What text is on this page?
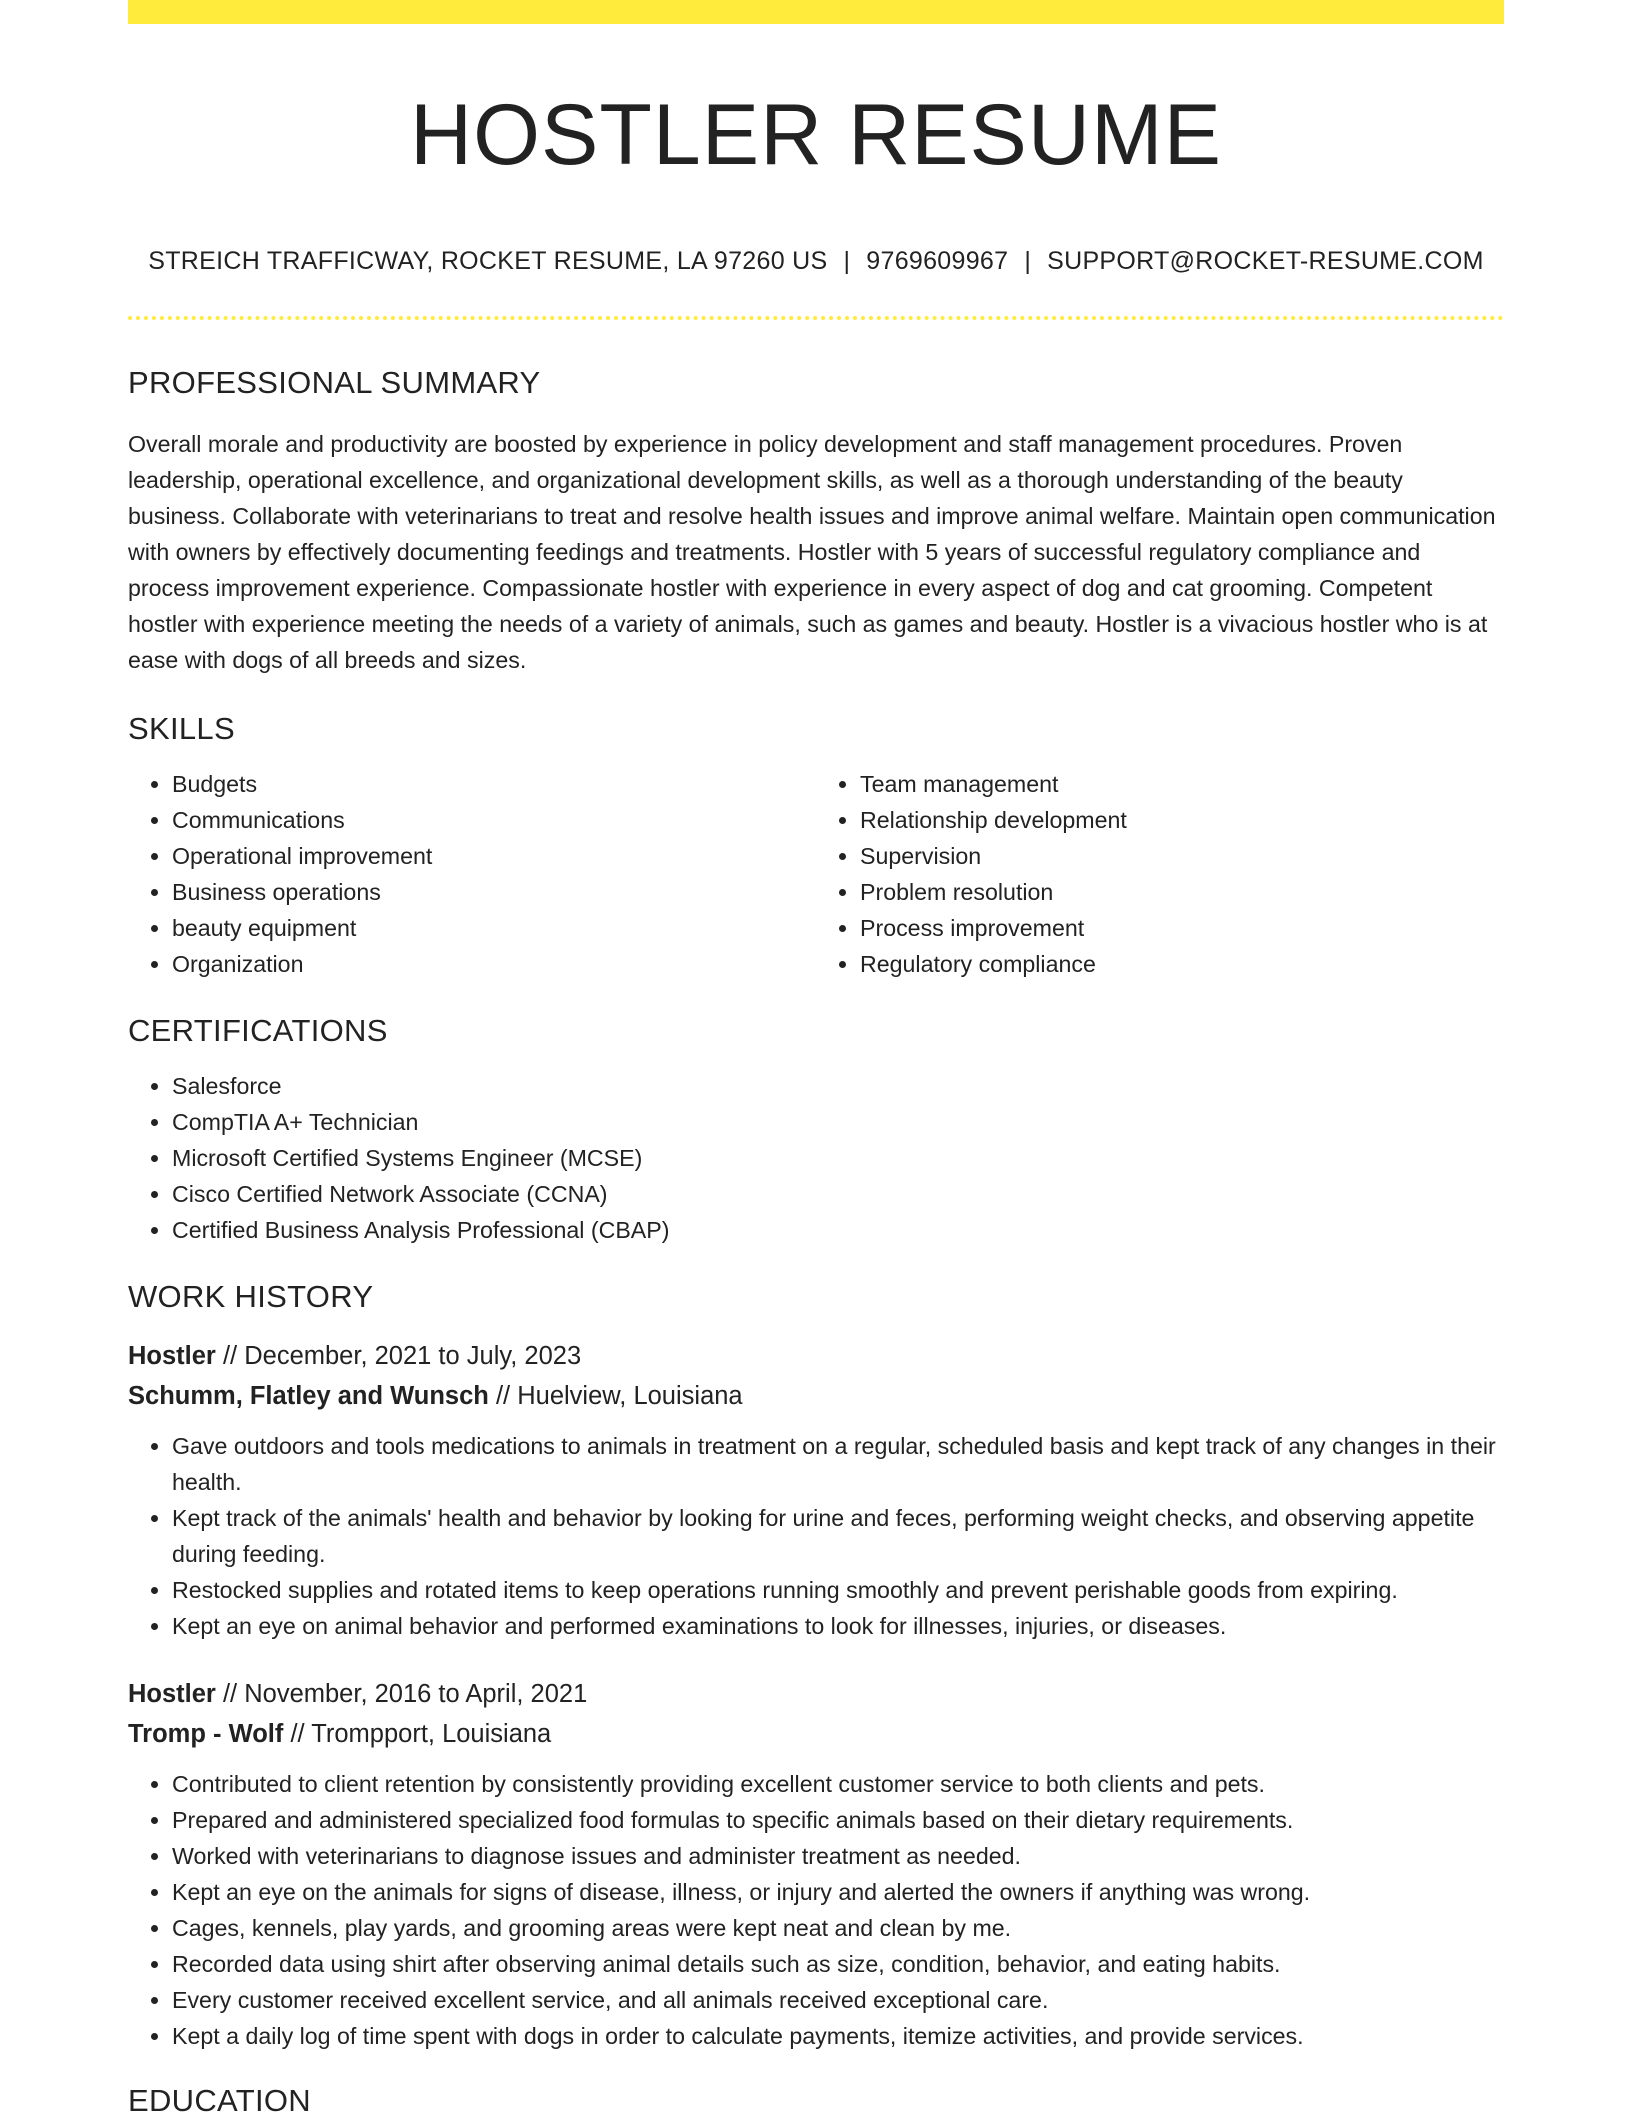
HOSTLER RESUME
STREICH TRAFFICWAY, ROCKET RESUME, LA 97260 US | 9769609967 | SUPPORT@ROCKET-RESUME.COM
PROFESSIONAL SUMMARY

Overall morale and productivity are boosted by experience in policy development and staff management procedures. Proven leadership, operational excellence, and organizational development skills, as well as a thorough understanding of the beauty business. Collaborate with veterinarians to treat and resolve health issues and improve animal welfare. Maintain open communication with owners by effectively documenting feedings and treatments. Hostler with 5 years of successful regulatory compliance and process improvement experience. Compassionate hostler with experience in every aspect of dog and cat grooming. Competent hostler with experience meeting the needs of a variety of animals, such as games and beauty. Hostler is a vivacious hostler who is at ease with dogs of all breeds and sizes.

SKILLS
• Budgets
• Communications
• Operational improvement
• Business operations
• beauty equipment
• Organization
• Team management
• Relationship development
• Supervision
• Problem resolution
• Process improvement
• Regulatory compliance
CERTIFICATIONS
• Salesforce
• CompTIA A+ Technician
• Microsoft Certified Systems Engineer (MCSE)
• Cisco Certified Network Associate (CCNA)
• Certified Business Analysis Professional (CBAP)
WORK HISTORY
Hostler // December, 2021 to July, 2023
Schumm, Flatley and Wunsch // Huelview, Louisiana
• Gave outdoors and tools medications to animals in treatment on a regular, scheduled basis and kept track of any changes in their health.
• Kept track of the animals' health and behavior by looking for urine and feces, performing weight checks, and observing appetite during feeding.
• Restocked supplies and rotated items to keep operations running smoothly and prevent perishable goods from expiring.
• Kept an eye on animal behavior and performed examinations to look for illnesses, injuries, or diseases.
Hostler // November, 2016 to April, 2021
Tromp - Wolf // Trompport, Louisiana
• Contributed to client retention by consistently providing excellent customer service to both clients and pets.
• Prepared and administered specialized food formulas to specific animals based on their dietary requirements.
• Worked with veterinarians to diagnose issues and administer treatment as needed.
• Kept an eye on the animals for signs of disease, illness, or injury and alerted the owners if anything was wrong.
• Cages, kennels, play yards, and grooming areas were kept neat and clean by me.
• Recorded data using shirt after observing animal details such as size, condition, behavior, and eating habits.
• Every customer received excellent service, and all animals received exceptional care.
• Kept a daily log of time spent with dogs in order to calculate payments, itemize activities, and provide services.
EDUCATION
